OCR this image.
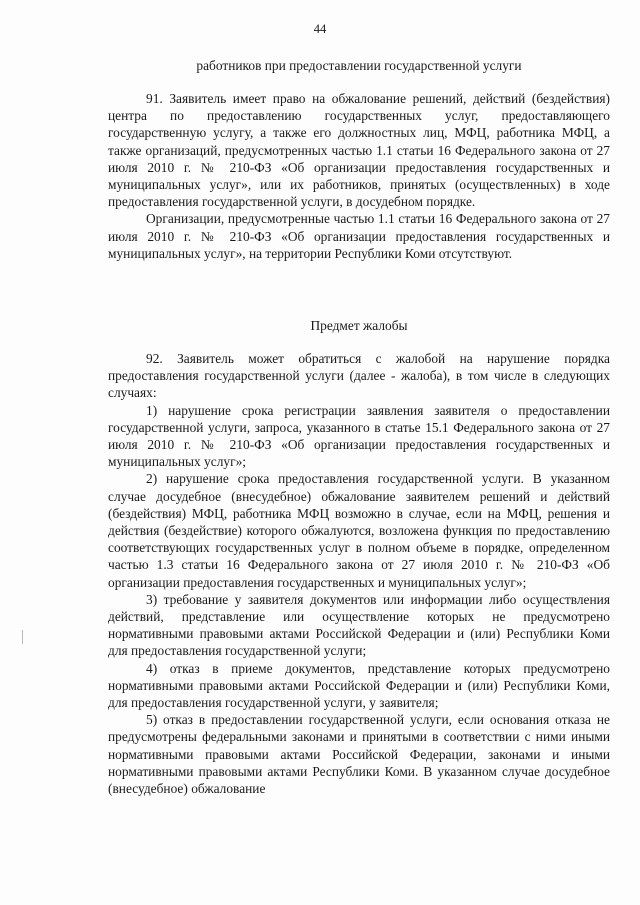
44
работников при предоставлении государственной услуги

91. Заявитель имеет право на обжалование решений, действий (бездействия) центра по предоставлению государственных услуг, предоставляющего государственную услугу, а также его должностных лиц, МФЦ, работника МФЦ, а также организаций, предусмотренных частью 1.1 статьи 16 Федерального закона от 27 июля 2010 г. № 210-ФЗ «Об организации предоставления государственных и муниципальных услуг», или их работников, принятых (осуществленных) в ходе предоставления государственной услуги, в досудебном порядке.

Организации, предусмотренные частью 1.1 статьи 16 Федерального закона от 27 июля 2010 г. № 210-ФЗ «Об организации предоставления государственных и муниципальных услуг», на территории Республики Коми отсутствуют.

Предмет жалобы

92. Заявитель может обратиться с жалобой на нарушение порядка предоставления государственной услуги (далее - жалоба), в том числе в следующих случаях:

1) нарушение срока регистрации заявления заявителя о предоставлении государственной услуги, запроса, указанного в статье 15.1 Федерального закона от 27 июля 2010 г. № 210-ФЗ «Об организации предоставления государственных и муниципальных услуг»;

2) нарушение срока предоставления государственной услуги. В указанном случае досудебное (внесудебное) обжалование заявителем решений и действий (бездействия) МФЦ, работника МФЦ возможно в случае, если на МФЦ, решения и действия (бездействие) которого обжалуются, возложена функция по предоставлению соответствующих государственных услуг в полном объеме в порядке, определенном частью 1.3 статьи 16 Федерального закона от 27 июля 2010 г. № 210-ФЗ «Об организации предоставления государственных и муниципальных услуг»;

3) требование у заявителя документов или информации либо осуществления действий, представление или осуществление которых не предусмотрено нормативными правовыми актами Российской Федерации и (или) Республики Коми для предоставления государственной услуги;

4) отказ в приеме документов, представление которых предусмотрено нормативными правовыми актами Российской Федерации и (или) Республики Коми, для предоставления государственной услуги, у заявителя;

5) отказ в предоставлении государственной услуги, если основания отказа не предусмотрены федеральными законами и принятыми в соответствии с ними иными нормативными правовыми актами Российской Федерации, законами и иными нормативными правовыми актами Республики Коми. В указанном случае досудебное (внесудебное) обжалование
